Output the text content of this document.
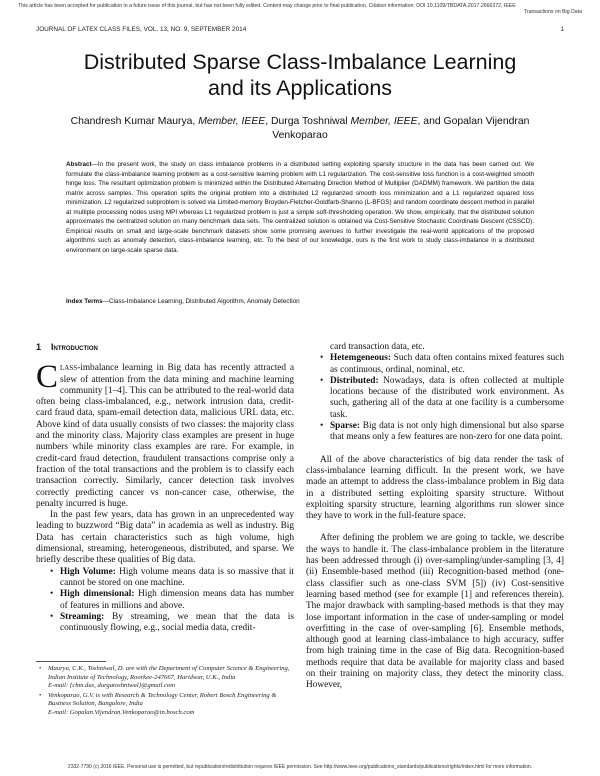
This article has been accepted for publication in a future issue of this journal, but has not been fully edited. Content may change prior to final publication. Citation information: DOI 10.1109/TBDATA.2017.2666372, IEEE
Transactions on Big Data
JOURNAL OF LATEX CLASS FILES, VOL. 13, NO. 9, SEPTEMBER 2014	1
Distributed Sparse Class-Imbalance Learning
and its Applications
Chandresh Kumar Maurya, Member, IEEE, Durga Toshniwal Member, IEEE, and Gopalan Vijendran
Venkoparao
Abstract—In the present work, the study on class imbalance problems in a distributed setting exploiting sparsity structure in the data has been carried out. We formulate the class-imbalance learning problem as a cost-sensitive learning problem with L1 regularization. The cost-sensitive loss function is a cost-weighted smooth hinge loss. The resultant optimization problem is minimized within the Distributed Alternating Direction Method of Multiplier (DADMM) framework. We partition the data matrix across samples. This operation splits the original problem into a distributed L2 regularized smooth loss minimization and a L1 regularized squared loss minimization. L2 regularized subproblem is solved via Limited-memory Broyden-Fletcher-Goldfarb-Shanno (L-BFGS) and random coordinate descent method in parallel at multiple processing nodes using MPI whereas L1 regularized problem is just a simple soft-thresholding operation. We show, empirically, that the distributed solution approximates the centralized solution on many benchmark data sets. The centralized solution is obtained via Cost-Sensitive Stochastic Coordinate Descent (CSSCD). Empirical results on small and large-scale benchmark datasets show some promising avenues to further investigate the real-world applications of the proposed algorithms such as anomaly detection, class-imbalance learning, etc. To the best of our knowledge, ours is the first work to study class-imbalance in a distributed environment on large-scale sparse data.
Index Terms—Class-Imbalance Learning, Distributed Algorithm, Anomaly Detection
1 Introduction

Class-imbalance learning in Big data has recently attracted a slew of attention from the data mining and machine learning community [1–4]. This can be attributed to the real-world data often being class-imbalanced, e.g., network intrusion data, credit-card fraud data, spam-email detection data, malicious URL data, etc. Above kind of data usually consists of two classes: the majority class and the minority class. Majority class examples are present in huge numbers while minority class examples are rare. For example, in credit-card fraud detection, fraudulent transactions comprise only a fraction of the total transactions and the problem is to classify each transaction correctly. Similarly, cancer detection task involves correctly predicting cancer vs non-cancer case, otherwise, the penalty incurred is huge.

In the past few years, data has grown in an unprecedented way leading to buzzword “Big data” in academia as well as industry. Big Data has certain characteristics such as high volume, high dimensional, streaming, heterogeneous, distributed, and sparse. We briefly describe these qualities of Big data.

• High Volume: High volume means data is so massive that it cannot be stored on one machine.
• High dimensional: High dimension means data has number of features in millions and above.
• Streaming: By streaming, we mean that the data is continuously flowing, e.g., social media data, credit-

card transaction data, etc.

• Hetemgeneous: Such data often contains mixed features such as continuous, ordinal, nominal, etc.
• Distributed: Nowadays, data is often collected at multiple locations because of the distributed work environment. As such, gathering all of the data at one facility is a cumbersome task.
• Sparse: Big data is not only high dimensional but also sparse that means only a few features are non-zero for one data point.

All of the above characteristics of big data render the task of class-imbalance learning difficult. In the present work, we have made an attempt to address the class-imbalance problem in Big data in a distributed setting exploiting sparsity structure. Without exploiting sparsity structure, learning algorithms run slower since they have to work in the full-feature space.

After defining the problem we are going to tackle, we describe the ways to handle it. The class-imbalance problem in the literature has been addressed through (i) over-sampling/under-sampling [3, 4] (ii) Ensemble-based method (iii) Recognition-based method (one-class classifier such as one-class SVM [5]) (iv) Cost-sensitive learning based method (see for example [1] and references therein). The major drawback with sampling-based methods is that they may lose important information in the case of under-sampling or model overfitting in the case of over-sampling [6]. Ensemble methods, although good at learning class-imbalance to high accuracy, suffer from high training time in the case of Big data. Recognition-based methods require that data be available for majority class and based on their training on majority class, they detect the minority class. However,

• Maurya, C.K., Toshniwal, D. are with the Department of Computer Science & Engineering, Indian Institute of Technology, Roorkee-247667, Haridwar, U.K., India
E-mail: {chm.dus, durgatoshniwal}@gmail.com
• Venkoparao, G.V. is with Research & Technology Center, Robert Bosch Engineering & Business Solution, Bangalore, India
E-mail: Gopalan.Vijendran.Venkoparao@in.bosch.com
2332-7790 (c) 2016 IEEE. Personal use is permitted, but republication/redistribution requires IEEE permission. See http://www.ieee.org/publications_standards/publications/rights/index.html for more information.
